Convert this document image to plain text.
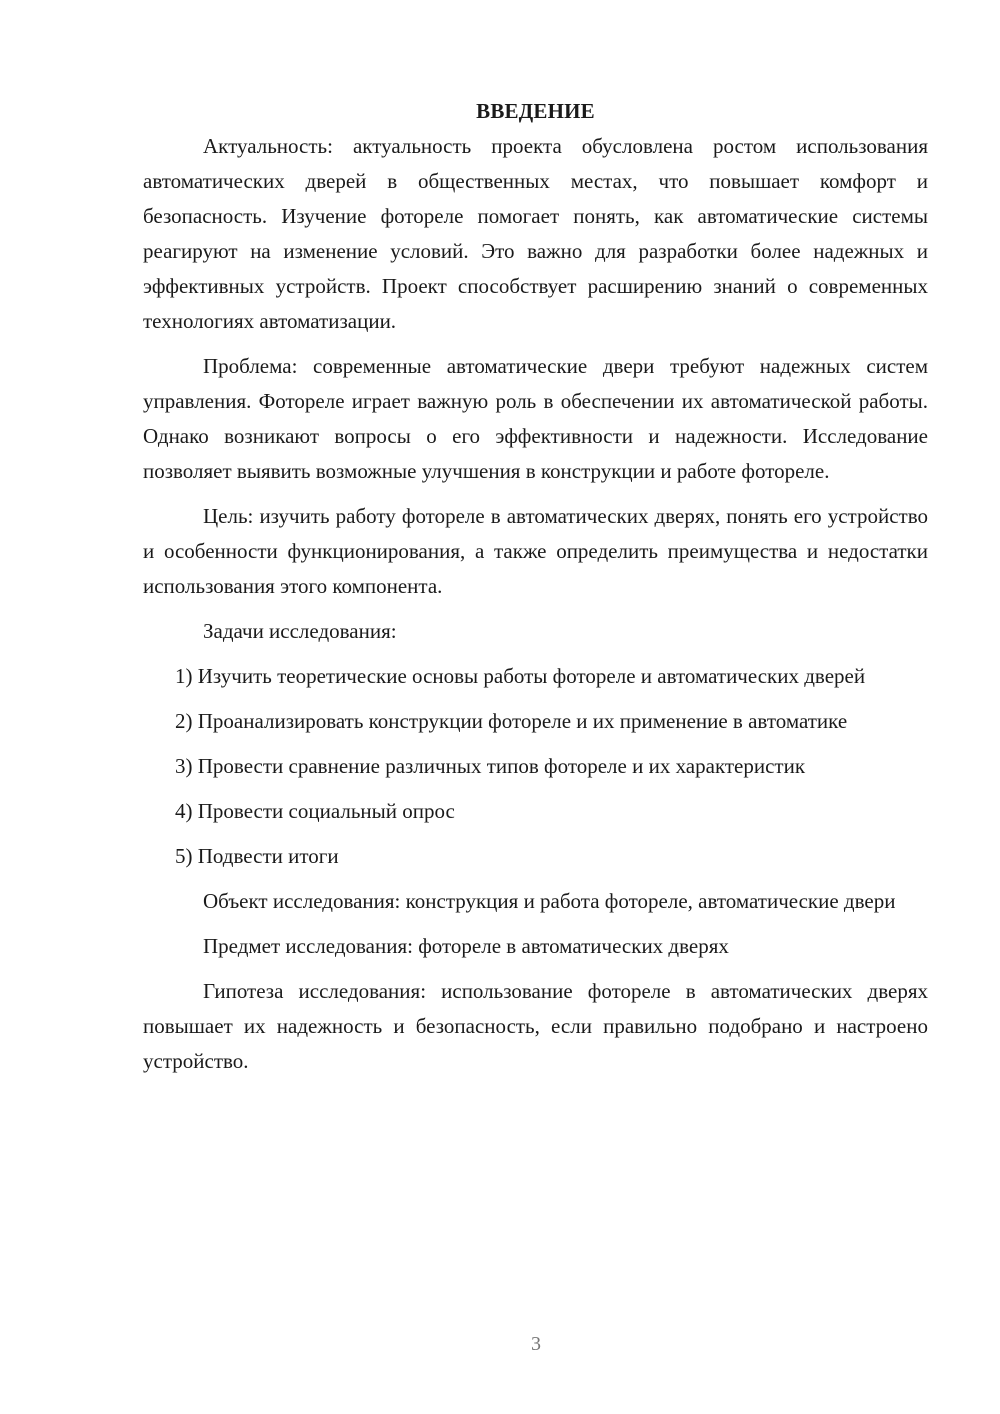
ВВЕДЕНИЕ

Актуальность: актуальность проекта обусловлена ростом использования автоматических дверей в общественных местах, что повышает комфорт и безопасность. Изучение фотореле помогает понять, как автоматические системы реагируют на изменение условий. Это важно для разработки более надежных и эффективных устройств. Проект способствует расширению знаний о современных технологиях автоматизации.

Проблема: современные автоматические двери требуют надежных систем управления. Фотореле играет важную роль в обеспечении их автоматической работы. Однако возникают вопросы о его эффективности и надежности. Исследование позволяет выявить возможные улучшения в конструкции и работе фотореле.

Цель: изучить работу фотореле в автоматических дверях, понять его устройство и особенности функционирования, а также определить преимущества и недостатки использования этого компонента.

Задачи исследования:

1) Изучить теоретические основы работы фотореле и автоматических дверей

2) Проанализировать конструкции фотореле и их применение в автоматике

3) Провести сравнение различных типов фотореле и их характеристик

4) Провести социальный опрос

5) Подвести итоги

Объект исследования: конструкция и работа фотореле, автоматические двери

Предмет исследования: фотореле в автоматических дверях

Гипотеза исследования: использование фотореле в автоматических дверях повышает их надежность и безопасность, если правильно подобрано и настроено устройство.

3
